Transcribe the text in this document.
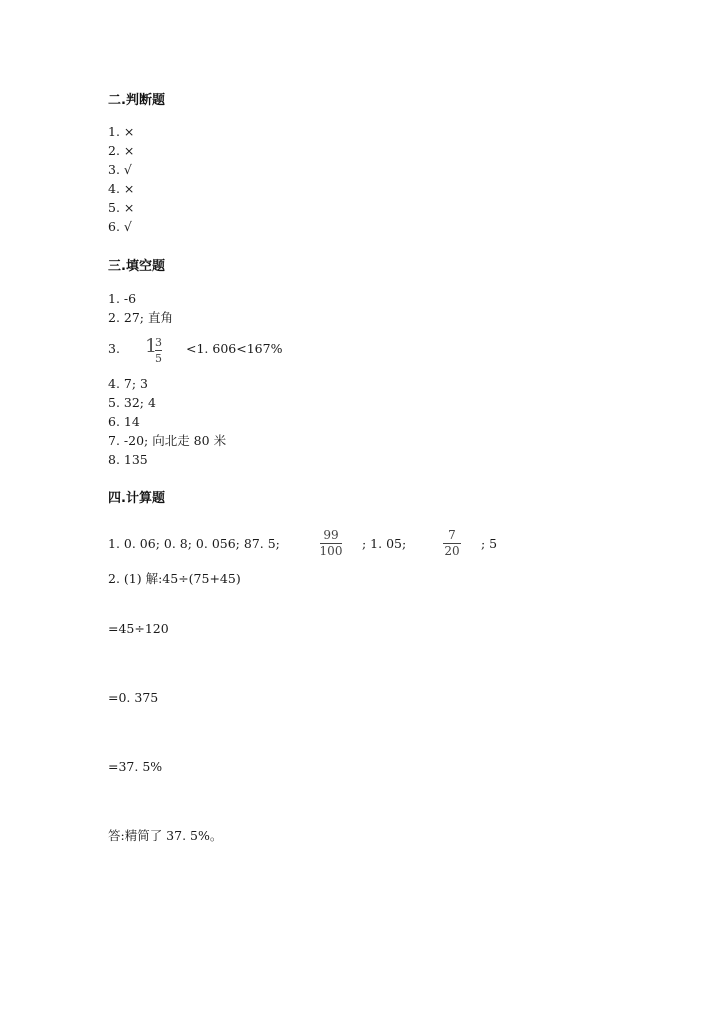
二.判断题
1. ×
2. ×
3. √
4. ×
5. ×
6. √
三.填空题
1. -6
2. 27; 直角
3. 1
3
5
<1. 606<167%
4. 7; 3
5. 32; 4
6. 14
7. -20; 向北走 80 米
8. 135
四.计算题
1. 0. 06; 0. 8; 0. 056; 87. 5;
99
100 ; 1. 05;
7
20 ; 5
2. (1) 解:45÷(75+45)
=45÷120
=0. 375
=37. 5%
答:精简了 37. 5%。
